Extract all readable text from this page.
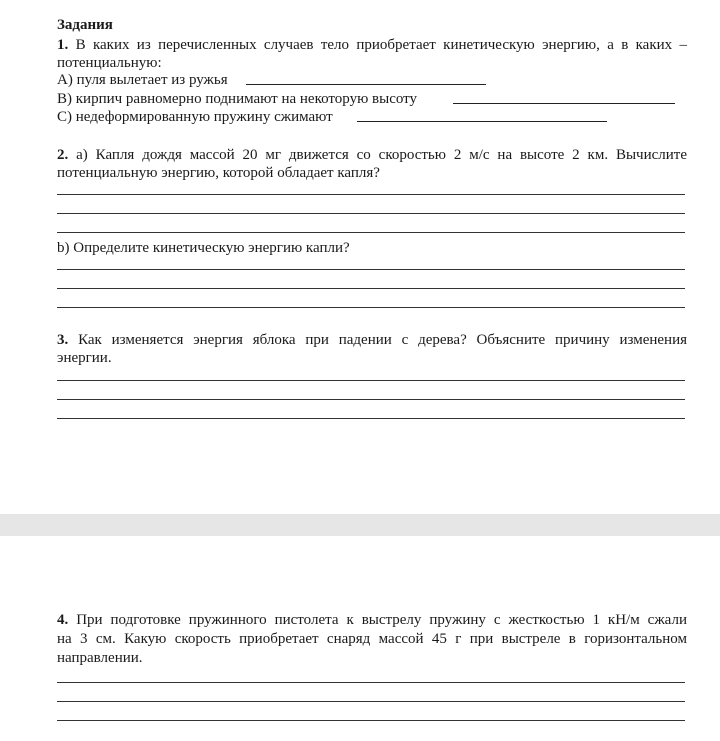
Задания
1. В каких из перечисленных случаев тело приобретает кинетическую энергию, а в каких –
потенциальную:
А) пуля вылетает из ружья
В) кирпич равномерно поднимают на некоторую высоту
С) недеформированную пружину сжимают
2. а) Капля дождя массой 20 мг движется со скоростью 2 м/с на высоте 2 км. Вычислите
потенциальную энергию, которой обладает капля?
b) Определите кинетическую энергию капли?
3. Как изменяется энергия яблока при падении с дерева? Объясните причину изменения
энергии.
4. При подготовке пружинного пистолета к выстрелу пружину с жесткостью 1 кН/м сжали
на 3 см. Какую скорость приобретает снаряд массой 45 г при выстреле в горизонтальном
направлении.
